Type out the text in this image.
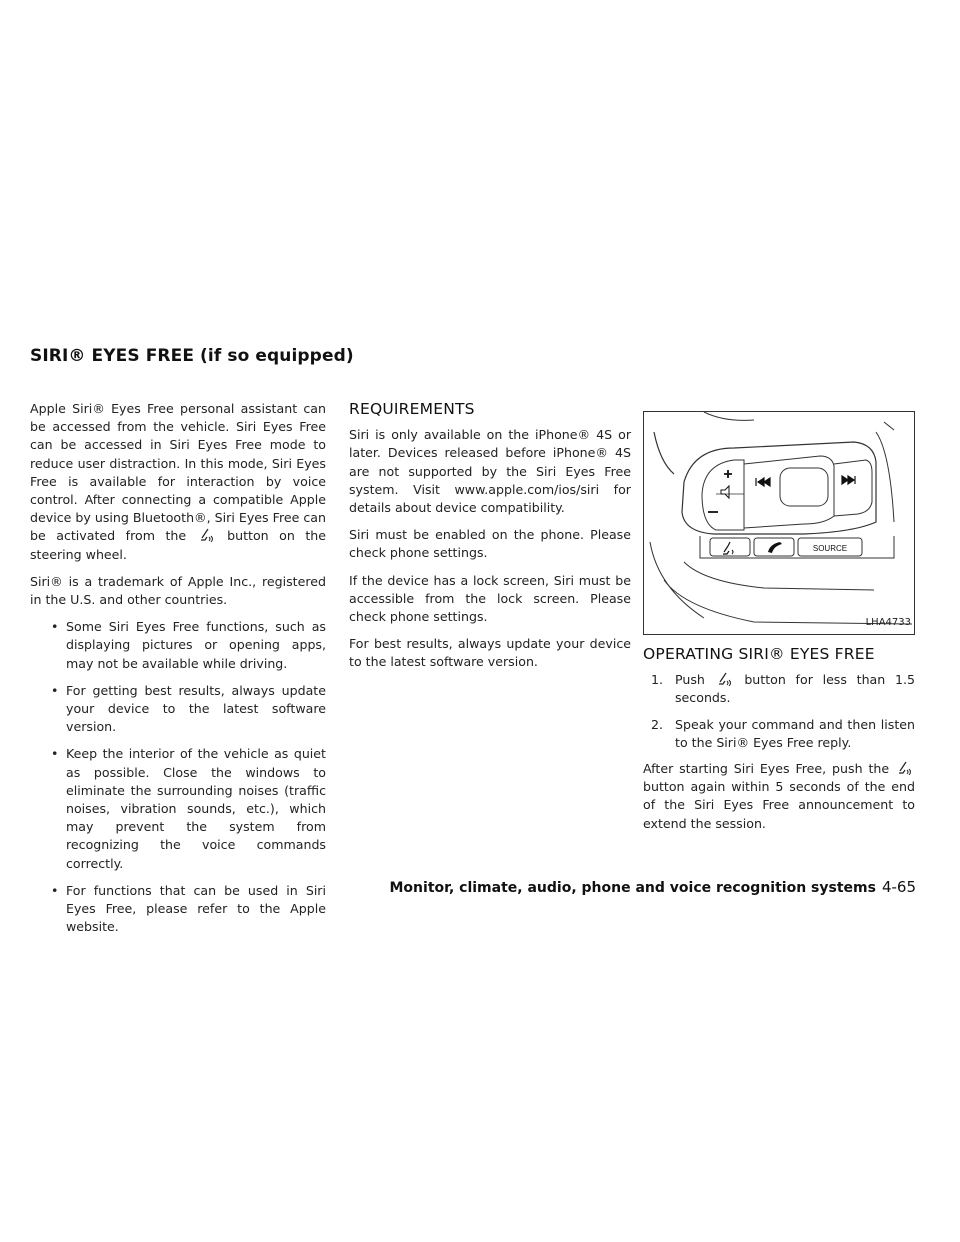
SIRI® EYES FREE (if so equipped)

Apple Siri® Eyes Free personal assistant can be accessed from the vehicle. Siri Eyes Free can be accessed in Siri Eyes Free mode to reduce user distraction. In this mode, Siri Eyes Free is available for interaction by voice control. After connecting a compatible Apple device by using Bluetooth®, Siri Eyes Free can be activated from the	button on the steering wheel.

Siri® is a trademark of Apple Inc., registered in the U.S. and other countries.

• Some Siri Eyes Free functions, such as displaying pictures or opening apps, may not be available while driving.
• For getting best results, always update your device to the latest software version.
• Keep the interior of the vehicle as quiet as possible. Close the windows to eliminate the surrounding noises (traffic noises, vibration sounds, etc.), which may prevent the system from recognizing the voice commands correctly.
• For functions that can be used in Siri Eyes Free, please refer to the Apple website.
REQUIREMENTS

Siri is only available on the iPhone® 4S or later. Devices released before iPhone® 4S are not supported by the Siri Eyes Free system. Visit www.apple.com/ios/siri for details about device compatibility.

Siri must be enabled on the phone. Please check phone settings.

If the device has a lock screen, Siri must be accessible from the lock screen. Please check phone settings.

For best results, always update your device to the latest software version.

SOURCE
LHA4733
OPERATING SIRI® EYES FREE
1. Push	button for less than 1.5 seconds.
2. Speak your command and then listen to the Siri® Eyes Free reply.

After starting Siri Eyes Free, push the  button again within 5 seconds of the end of the Siri Eyes Free announcement to extend the session.

Monitor, climate, audio, phone and voice recognition systems 4-65
